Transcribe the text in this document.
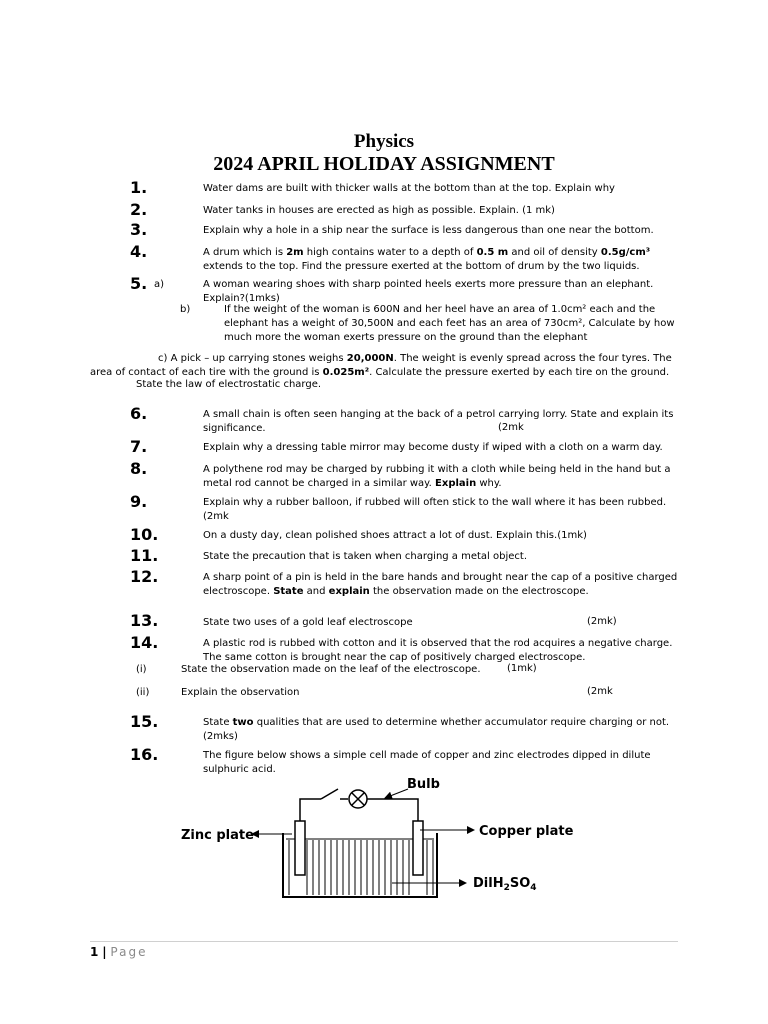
Physics
2024 APRIL HOLIDAY ASSIGNMENT
1.	Water dams are built with thicker walls at the bottom than at the top. Explain why
2.	Water tanks in houses are erected as high as possible. Explain. (1 mk)
3.	Explain why a hole in a ship near the surface is less dangerous than one near the bottom.
4.	A drum which is 2m high contains water to a depth of 0.5 m and oil of density 0.5g/cm³ extends to the top. Find the pressure exerted at the bottom of drum by the two liquids.
5. a)	A woman wearing shoes with sharp pointed heels exerts more pressure than an elephant. Explain?(1mks)
b)	If the weight of the woman is 600N and her heel have an area of 1.0cm² each and the elephant has a weight of 30,500N and each feet has an area of 730cm², Calculate by how much more the woman exerts pressure on the ground than the elephant
c) A pick – up carrying stones weighs 20,000N. The weight is evenly spread across the four tyres. The area of contact of each tire with the ground is 0.025m². Calculate the pressure exerted by each tire on the ground.
State the law of electrostatic charge.
6.	A small chain is often seen hanging at the back of a petrol carrying lorry. State and explain its significance.	(2mk
7.	Explain why a dressing table mirror may become dusty if wiped with a cloth on a warm day.
8.	A polythene rod may be charged by rubbing it with a cloth while being held in the hand but a metal rod cannot be charged in a similar way. Explain why.
9.	Explain why a rubber balloon, if rubbed will often stick to the wall where it has been rubbed. (2mk
10.	On a dusty day, clean polished shoes attract a lot of dust. Explain this.(1mk)
11.	State the precaution that is taken when charging a metal object.
12.	A sharp point of a pin is held in the bare hands and brought near the cap of a positive charged electroscope. State and explain the observation made on the electroscope.
13.	State two uses of a gold leaf electroscope	(2mk)
14.	A plastic rod is rubbed with cotton and it is observed that the rod acquires a negative charge. The same cotton is brought near the cap of positively charged electroscope.
(i)	State the observation made on the leaf of the electroscope.	(1mk)
(ii)	Explain the observation	(2mk
15.	State two qualities that are used to determine whether accumulator require charging or not. (2mks)
16.	The figure below shows a simple cell made of copper and zinc electrodes dipped in dilute sulphuric acid.
Bulb
Zinc plate	Copper plate
$DilH_2SO_4$
1 | Page
